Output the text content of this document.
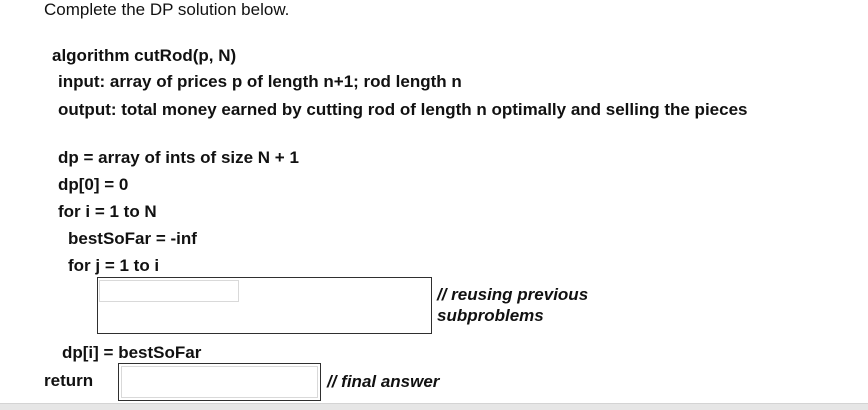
Complete the DP solution below.
algorithm cutRod(p, N)
input: array of prices p of length n+1; rod length n
output: total money earned by cutting rod of length n optimally and selling the pieces
dp = array of ints of size N + 1
dp[0] = 0
for i = 1 to N
bestSoFar = -inf
for j = 1 to i
// reusing previous
subproblems
dp[i] = bestSoFar
return	// final answer
